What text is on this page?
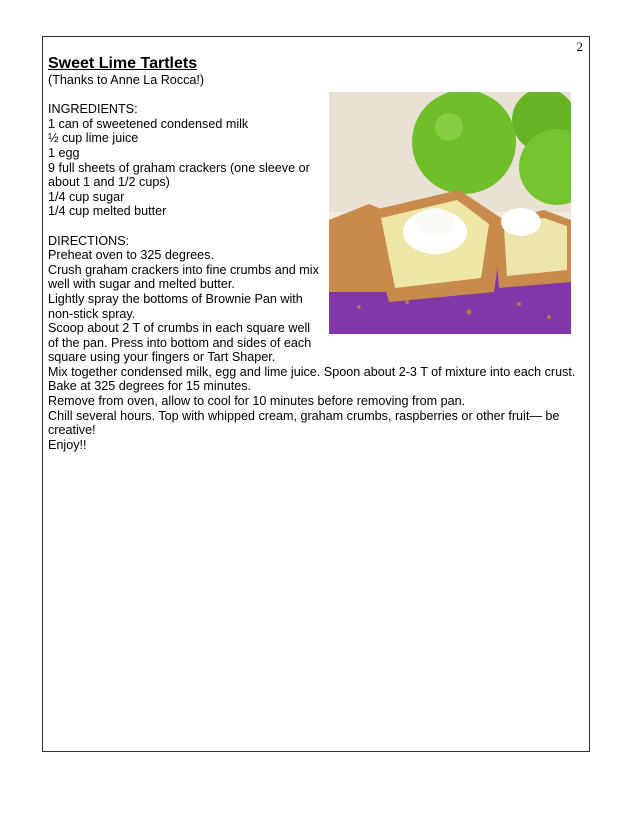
2

Sweet Lime Tartlets

(Thanks to Anne La Rocca!)

INGREDIENTS:

1 can of sweetened condensed milk

½ cup lime juice

1 egg

9 full sheets of graham crackers (one sleeve or

about 1 and 1/2 cups)

1/4 cup sugar

1/4 cup melted butter

DIRECTIONS:

Preheat oven to 325 degrees.

Crush graham crackers into fine crumbs and mix

well with sugar and melted butter.

Lightly spray the bottoms of Brownie Pan with

non-stick spray.

Scoop about 2 T of crumbs in each square well

of the pan. Press into bottom and sides of each

square using your fingers or Tart Shaper.

Mix together condensed milk, egg and lime juice. Spoon about 2-3 T of mixture into each crust.

Bake at 325 degrees for 15 minutes.

Remove from oven, allow to cool for 10 minutes before removing from pan.

Chill several hours. Top with whipped cream, graham crumbs, raspberries or other fruit— be

creative!

Enjoy!!
